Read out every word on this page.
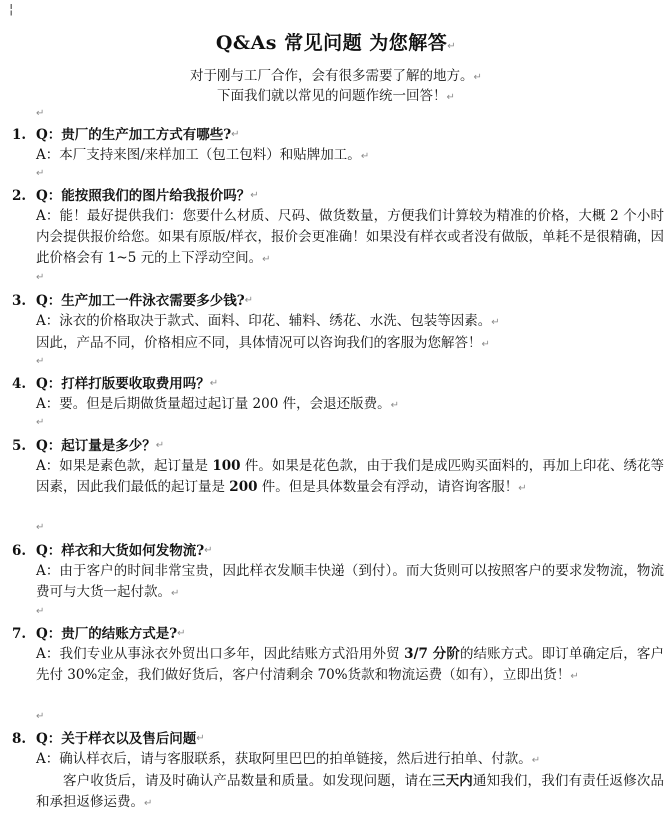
¦
Q&As 常见问题 为您解答↵
对于刚与工厂合作，会有很多需要了解的地方。↵
下面我们就以常见的问题作统一回答！↵
↵
1. Q：贵厂的生产加工方式有哪些? ↵

A：本厂支持来图/来样加工（包工包料）和贴牌加工。↵

↵
2. Q：能按照我们的图片给我报价吗？ ↵

A：能！最好提供我们：您要什么材质、尺码、做货数量，方便我们计算较为精准的价格，大概 2 个小时内会提供报价给您。如果有原版/样衣，报价会更准确！如果没有样衣或者没有做版，单耗不是很精确，因此价格会有 1~5 元的上下浮动空间。↵

↵
3. Q：生产加工一件泳衣需要多少钱? ↵

A：泳衣的价格取决于款式、面料、印花、辅料、绣花、水洗、包装等因素。↵

因此，产品不同，价格相应不同，具体情况可以咨询我们的客服为您解答！↵

↵
4. Q：打样打版要收取费用吗？ ↵

A：要。但是后期做货量超过起订量 200 件，会退还版费。↵

↵
5. Q：起订量是多少？ ↵

A：如果是素色款，起订量是 100 件。如果是花色款，由于我们是成匹购买面料的，再加上印花、绣花等因素，因此我们最低的起订量是 200 件。但是具体数量会有浮动，请咨询客服！↵

↵
6. Q：样衣和大货如何发物流? ↵

A：由于客户的时间非常宝贵，因此样衣发顺丰快递（到付）。而大货则可以按照客户的要求发物流，物流费可与大货一起付款。↵

↵
7. Q：贵厂的结账方式是? ↵

A：我们专业从事泳衣外贸出口多年，因此结账方式沿用外贸 3/7 分阶的结账方式。即订单确定后，客户先付 30%定金，我们做好货后，客户付清剩余 70%货款和物流运费（如有），立即出货！↵

↵
8. Q：关于样衣以及售后问题 ↵

A：确认样衣后，请与客服联系，获取阿里巴巴的拍单链接，然后进行拍单、付款。↵

客户收货后，请及时确认产品数量和质量。如发现问题，请在三天内通知我们，我们有责任返修次品和承担返修运费。↵
